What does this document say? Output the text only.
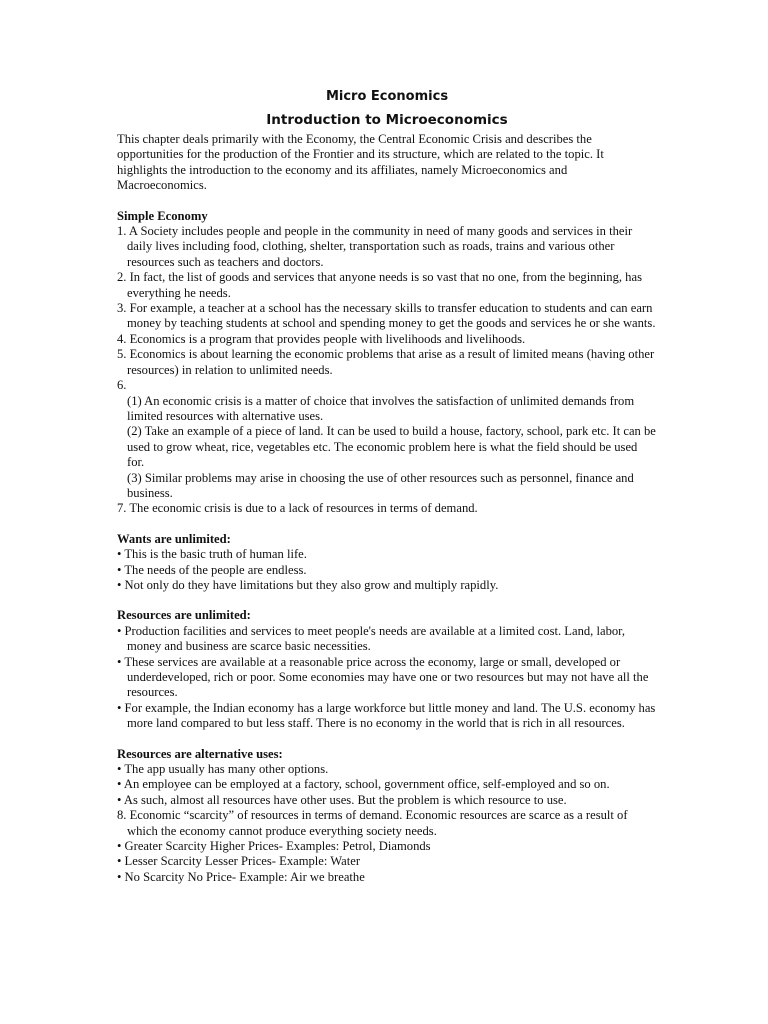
Micro Economics
Introduction to Microeconomics

This chapter deals primarily with the Economy, the Central Economic Crisis and describes the opportunities for the production of the Frontier and its structure, which are related to the topic. It highlights the introduction to the economy and its affiliates, namely Microeconomics and Macroeconomics.

Simple Economy

1. A Society includes people and people in the community in need of many goods and services in their daily lives including food, clothing, shelter, transportation such as roads, trains and various other resources such as teachers and doctors.

2. In fact, the list of goods and services that anyone needs is so vast that no one, from the beginning, has everything he needs.

3. For example, a teacher at a school has the necessary skills to transfer education to students and can earn money by teaching students at school and spending money to get the goods and services he or she wants.

4. Economics is a program that provides people with livelihoods and livelihoods.

5. Economics is about learning the economic problems that arise as a result of limited means (having other resources) in relation to unlimited needs.

6.

(1) An economic crisis is a matter of choice that involves the satisfaction of unlimited demands from limited resources with alternative uses.

(2) Take an example of a piece of land. It can be used to build a house, factory, school, park etc. It can be used to grow wheat, rice, vegetables etc. The economic problem here is what the field should be used for.

(3) Similar problems may arise in choosing the use of other resources such as personnel, finance and business.

7. The economic crisis is due to a lack of resources in terms of demand.

Wants are unlimited:

• This is the basic truth of human life.

• The needs of the people are endless.

• Not only do they have limitations but they also grow and multiply rapidly.

Resources are unlimited:

• Production facilities and services to meet people's needs are available at a limited cost. Land, labor, money and business are scarce basic necessities.

• These services are available at a reasonable price across the economy, large or small, developed or underdeveloped, rich or poor. Some economies may have one or two resources but may not have all the resources.

• For example, the Indian economy has a large workforce but little money and land. The U.S. economy has more land compared to but less staff. There is no economy in the world that is rich in all resources.

Resources are alternative uses:

• The app usually has many other options.

• An employee can be employed at a factory, school, government office, self-employed and so on.

• As such, almost all resources have other uses. But the problem is which resource to use.

8. Economic “scarcity” of resources in terms of demand. Economic resources are scarce as a result of which the economy cannot produce everything society needs.

• Greater Scarcity Higher Prices- Examples: Petrol, Diamonds

• Lesser Scarcity Lesser Prices- Example: Water

• No Scarcity No Price- Example: Air we breathe
